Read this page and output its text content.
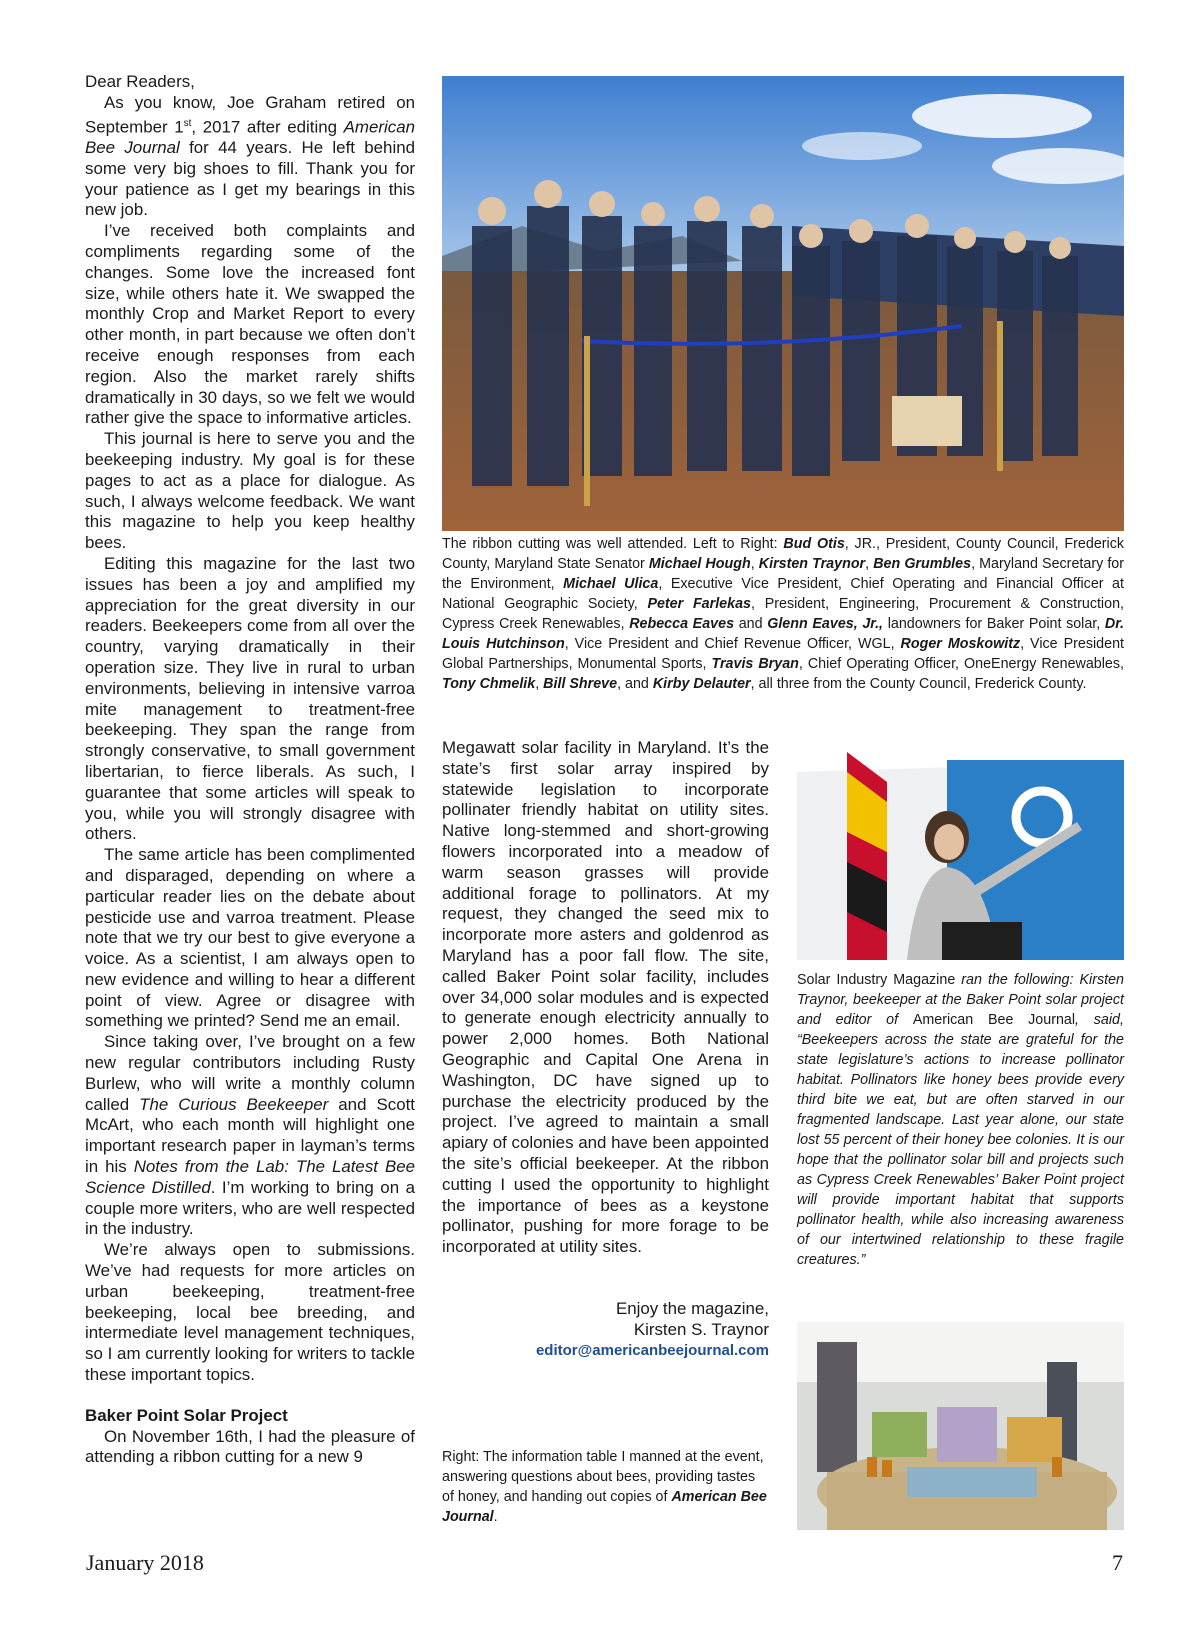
Dear Readers,

As you know, Joe Graham retired on September 1st, 2017 after editing American Bee Journal for 44 years. He left behind some very big shoes to fill. Thank you for your patience as I get my bearings in this new job.

I’ve received both complaints and compliments regarding some of the changes. Some love the increased font size, while others hate it. We swapped the monthly Crop and Market Report to every other month, in part because we often don’t receive enough responses from each region. Also the market rarely shifts dramatically in 30 days, so we felt we would rather give the space to informative articles.

This journal is here to serve you and the beekeeping industry. My goal is for these pages to act as a place for dialogue. As such, I always welcome feedback. We want this magazine to help you keep healthy bees.

Editing this magazine for the last two issues has been a joy and amplified my appreciation for the great diversity in our readers. Beekeepers come from all over the country, varying dramatically in their operation size. They live in rural to urban environments, believing in intensive varroa mite management to treatment-free beekeeping. They span the range from strongly conservative, to small government libertarian, to fierce liberals. As such, I guarantee that some articles will speak to you, while you will strongly disagree with others.

The same article has been complimented and disparaged, depending on where a particular reader lies on the debate about pesticide use and varroa treatment. Please note that we try our best to give everyone a voice. As a scientist, I am always open to new evidence and willing to hear a different point of view. Agree or disagree with something we printed? Send me an email.

Since taking over, I’ve brought on a few new regular contributors including Rusty Burlew, who will write a monthly column called The Curious Beekeeper and Scott McArt, who each month will highlight one important research paper in layman’s terms in his Notes from the Lab: The Latest Bee Science Distilled. I’m working to bring on a couple more writers, who are well respected in the industry.

We’re always open to submissions. We’ve had requests for more articles on urban beekeeping, treatment-free beekeeping, local bee breeding, and intermediate level management techniques, so I am currently looking for writers to tackle these important topics.

Baker Point Solar Project

On November 16th, I had the pleasure of attending a ribbon cutting for a new 9

The ribbon cutting was well attended. Left to Right: Bud Otis, JR., President, County Council, Frederick County, Maryland State Senator Michael Hough, Kirsten Traynor, Ben Grumbles, Maryland Secretary for the Environment, Michael Ulica, Executive Vice President, Chief Operating and Financial Officer at National Geographic Society, Peter Farlekas, President, Engineering, Procurement & Construction, Cypress Creek Renewables, Rebecca Eaves and Glenn Eaves, Jr., landowners for Baker Point solar, Dr. Louis Hutchinson, Vice President and Chief Revenue Officer, WGL, Roger Moskowitz, Vice President Global Partnerships, Monumental Sports, Travis Bryan, Chief Operating Officer, OneEnergy Renewables, Tony Chmelik, Bill Shreve, and Kirby Delauter, all three from the County Council, Frederick County.

Megawatt solar facility in Maryland. It’s the state’s first solar array inspired by statewide legislation to incorporate pollinater friendly habitat on utility sites. Native long-stemmed and short-growing flowers incorporated into a meadow of warm season grasses will provide additional forage to pollinators. At my request, they changed the seed mix to incorporate more asters and goldenrod as Maryland has a poor fall flow. The site, called Baker Point solar facility, includes over 34,000 solar modules and is expected to generate enough electricity annually to power 2,000 homes. Both National Geographic and Capital One Arena in Washington, DC have signed up to purchase the electricity produced by the project. I’ve agreed to maintain a small apiary of colonies and have been appointed the site’s official beekeeper. At the ribbon cutting I used the opportunity to highlight the importance of bees as a keystone pollinator, pushing for more forage to be incorporated at utility sites.

Enjoy the magazine,
Kirsten S. Traynor
editor@americanbeejournal.com
Solar Industry Magazine ran the following: Kirsten Traynor, beekeeper at the Baker Point solar project and editor of American Bee Journal, said, “Beekeepers across the state are grateful for the state legislature’s actions to increase pollinator habitat. Pollinators like honey bees provide every third bite we eat, but are often starved in our fragmented landscape. Last year alone, our state lost 55 percent of their honey bee colonies. It is our hope that the pollinator solar bill and projects such as Cypress Creek Renewables’ Baker Point project will provide important habitat that supports pollinator health, while also increasing awareness of our intertwined relationship to these fragile creatures.”
Right: The information table I manned at the event, answering questions about bees, providing tastes of honey, and handing out copies of American Bee Journal.
January 2018	7
